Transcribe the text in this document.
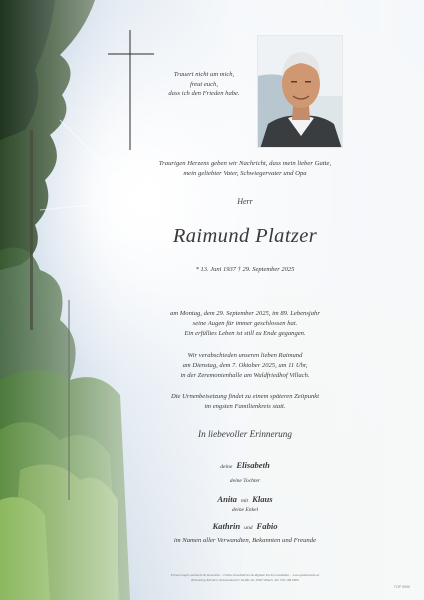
Trauert nicht um mich,
freut euch,
dass ich den Frieden habe.
Traurigen Herzens geben wir Nachricht, dass mein lieber Gatte,
mein geliebter Vater, Schwiegervater und Opa
Herr
Raimund Platzer
* 13. Juni 1937 † 29. September 2025
am Montag, dem 29. September 2025, im 89. Lebensjahr
seine Augen für immer geschlossen hat.
Ein erfülltes Leben ist still zu Ende gegangen.
Wir verabschieden unseren lieben Raimund
am Dienstag, dem 7. Oktober 2025, um 11 Uhr,
in der Zeremonienhalle am Waldfriedhof Villach.
Die Urnenbeisetzung findet zu einem späteren Zeitpunkt
im engsten Familienkreis statt.
In liebevoller Erinnerung
deine Elisabeth
deine Tochter
Anita mit Klaus
deine Enkel
Kathrin und Fabio
im Namen aller Verwandten, Bekannten und Freunde
Erinnerungen sammeln & bewahren – Online Kondolieren & digitale Kerzen anzünden – www.gedenkseite.at
Bestattung Kärnten, Kreuzenbacher Straße 26, 9500 Villach, Tel. 059 188 6600
TOP 9090
